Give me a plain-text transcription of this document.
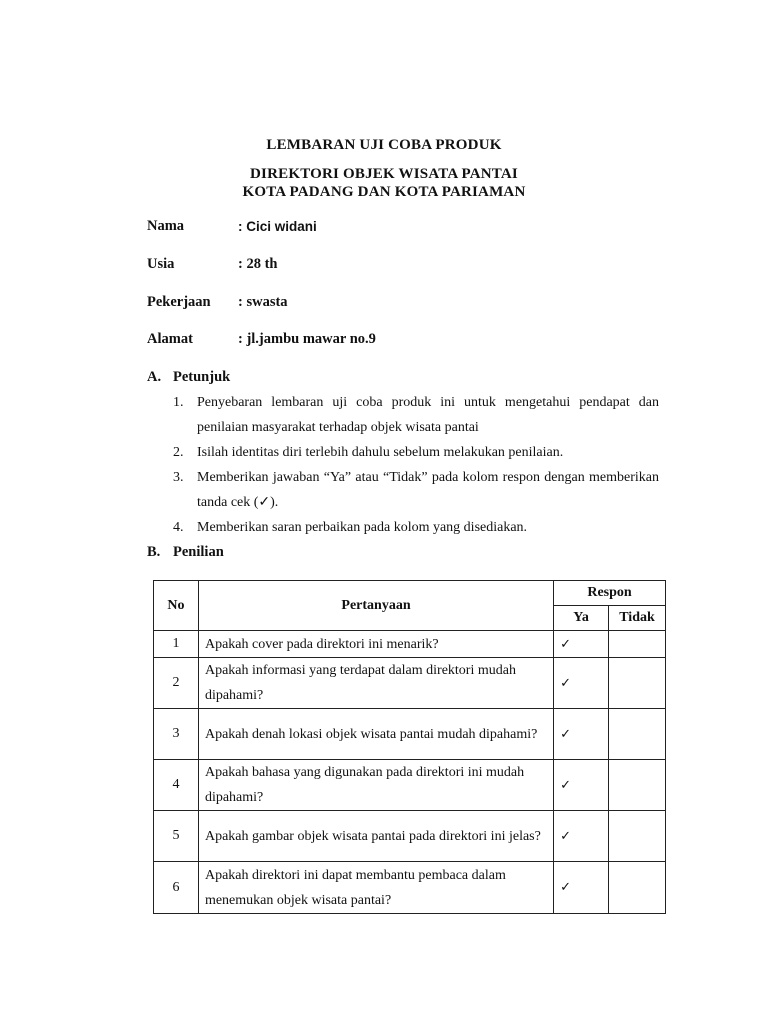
LEMBARAN UJI COBA PRODUK
DIREKTORI OBJEK WISATA PANTAI
KOTA PADANG DAN KOTA PARIAMAN
Nama	: Cici widani
Usia	: 28 th
Pekerjaan : swasta
Alamat	: jl.jambu mawar no.9
A. Petunjuk
1. Penyebaran lembaran uji coba produk ini untuk mengetahui pendapat dan penilaian masyarakat terhadap objek wisata pantai
2. Isilah identitas diri terlebih dahulu sebelum melakukan penilaian.
3. Memberikan jawaban “Ya” atau “Tidak” pada kolom respon dengan memberikan tanda cek (✓).
4. Memberikan saran perbaikan pada kolom yang disediakan.
B. Penilian
No	Pertanyaan	Respon	
		Ya	Tidak
1	Apakah cover pada direktori ini menarik?	✓	
2	Apakah informasi yang terdapat dalam direktori mudah dipahami?	✓	
3	Apakah denah lokasi objek wisata pantai mudah dipahami?	✓	
4	Apakah bahasa yang digunakan pada direktori ini mudah dipahami?	✓	
5	Apakah gambar objek wisata pantai pada direktori ini jelas?	✓	
6	Apakah direktori ini dapat membantu pembaca dalam menemukan objek wisata pantai?	✓	
